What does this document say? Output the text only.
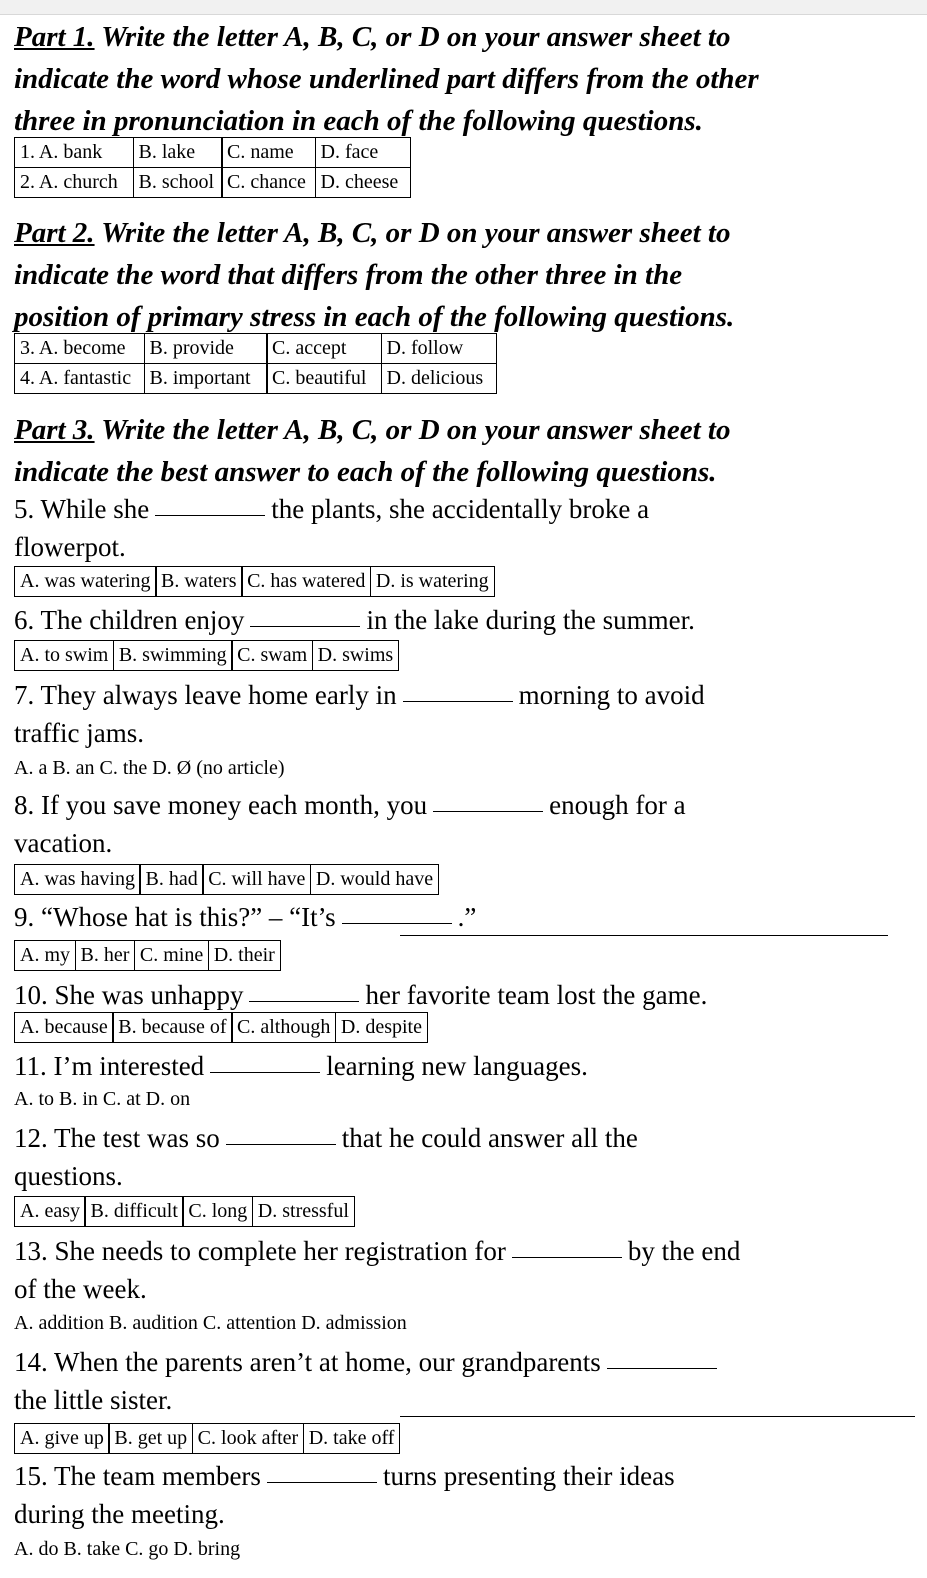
Part 1. Write the letter A, B, C, or D on your answer sheet to
indicate the word whose underlined part differs from the other
three in pronunciation in each of the following questions.
1. A. bank	B. lake	C. name	D. face
2. A. church	B. school C. chance D. cheese
Part 2. Write the letter A, B, C, or D on your answer sheet to
indicate the word that differs from the other three in the
position of primary stress in each of the following questions.
3. A. become	B. provide	C. accept	D. follow
4. A. fantastic B. important	C. beautiful	D. delicious
Part 3. Write the letter A, B, C, or D on your answer sheet to
indicate the best answer to each of the following questions.
5. While she	the plants, she accidentally broke a
flowerpot.
A. was watering B. waters C. has watered D. is watering
6. The children enjoy	in the lake during the summer.
A. to swim B. swimming C. swam D. swims
7. They always leave home early in	morning to avoid
traffic jams.
A. a B. an C. the D. Ø (no article)
8. If you save money each month, you	enough for a
vacation.
A. was having B. had C. will have D. would have
9. “Whose hat is this?” – “It’s	.”
A. my B. her C. mine D. their
10. She was unhappy	her favorite team lost the game.
A. because B. because of C. although D. despite
11. I’m interested	learning new languages.
A. to B. in C. at D. on
12. The test was so	that he could answer all the
questions.
A. easy B. difficult C. long D. stressful
13. She needs to complete her registration for	by the end
of the week.
A. addition B. audition C. attention D. admission
14. When the parents aren’t at home, our grandparents
the little sister.
A. give up B. get up C. look after D. take off
15. The team members	turns presenting their ideas
during the meeting.
A. do B. take C. go D. bring
